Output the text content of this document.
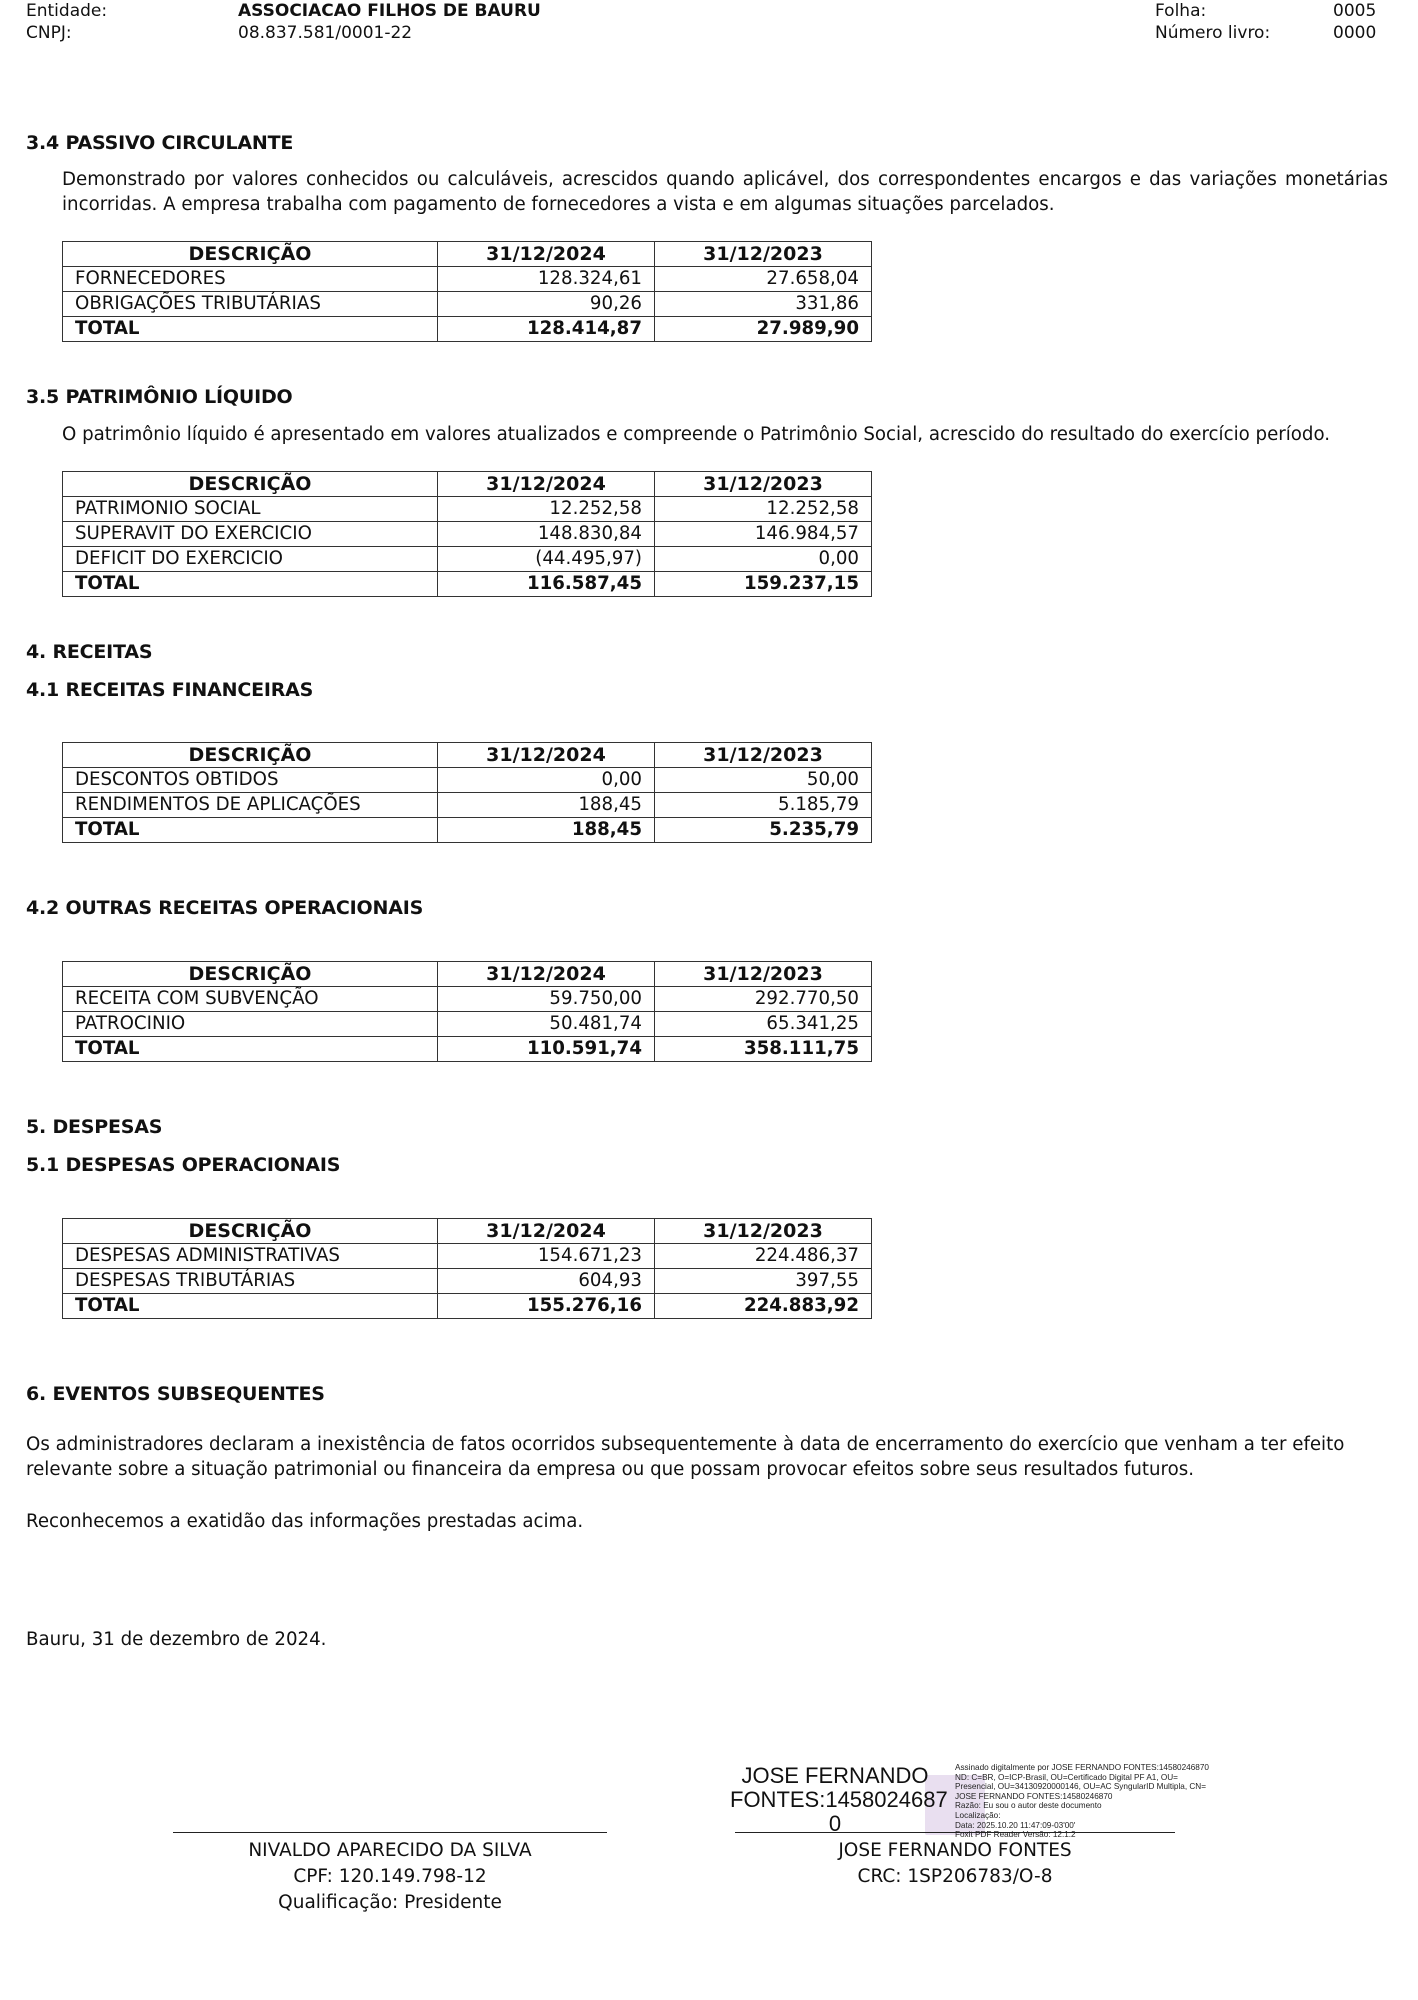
Entidade:	ASSOCIACAO FILHOS DE BAURU
CNPJ:	08.837.581/0001-22
Folha:	0005
Número livro:	0000
3.4 PASSIVO CIRCULANTE
Demonstrado por valores conhecidos ou calculáveis, acrescidos quando aplicável, dos correspondentes encargos e das variações monetárias incorridas. A empresa trabalha com pagamento de fornecedores a vista e em algumas situações parcelados.
DESCRIÇÃO	31/12/2024	31/12/2023
FORNECEDORES	128.324,61	27.658,04
OBRIGAÇÕES TRIBUTÁRIAS	90,26	331,86
TOTAL	128.414,87	27.989,90
3.5 PATRIMÔNIO LÍQUIDO
O patrimônio líquido é apresentado em valores atualizados e compreende o Patrimônio Social, acrescido do resultado do exercício período.
DESCRIÇÃO	31/12/2024	31/12/2023
PATRIMONIO SOCIAL	12.252,58	12.252,58
SUPERAVIT DO EXERCICIO	148.830,84	146.984,57
DEFICIT DO EXERCICIO	(44.495,97)	0,00
TOTAL	116.587,45	159.237,15
4. RECEITAS
4.1 RECEITAS FINANCEIRAS
DESCRIÇÃO	31/12/2024	31/12/2023
DESCONTOS OBTIDOS	0,00	50,00
RENDIMENTOS DE APLICAÇÕES	188,45	5.185,79
TOTAL	188,45	5.235,79
4.2 OUTRAS RECEITAS OPERACIONAIS
DESCRIÇÃO	31/12/2024	31/12/2023
RECEITA COM SUBVENÇÃO	59.750,00	292.770,50
PATROCINIO	50.481,74	65.341,25
TOTAL	110.591,74	358.111,75
5. DESPESAS
5.1 DESPESAS OPERACIONAIS
DESCRIÇÃO	31/12/2024	31/12/2023
DESPESAS ADMINISTRATIVAS	154.671,23	224.486,37
DESPESAS TRIBUTÁRIAS	604,93	397,55
TOTAL	155.276,16	224.883,92
6. EVENTOS SUBSEQUENTES
Os administradores declaram a inexistência de fatos ocorridos subsequentemente à data de encerramento do exercício que venham a ter efeito relevante sobre a situação patrimonial ou financeira da empresa ou que possam provocar efeitos sobre seus resultados futuros.
Reconhecemos a exatidão das informações prestadas acima.
Bauru, 31 de dezembro de 2024.
JOSE FERNANDO
FONTES:1458024687
0
Assinado digitalmente por JOSE FERNANDO FONTES:14580246870
ND: C=BR, O=ICP-Brasil, OU=Certificado Digital PF A1, OU=
Presencial, OU=34130920000146, OU=AC SyngularID Multipla, CN=
JOSE FERNANDO FONTES:14580246870
Razão: Eu sou o autor deste documento
Localização:
Data: 2025.10.20 11:47:09-03'00'
Foxit PDF Reader Versão: 12.1.2
NIVALDO APARECIDO DA SILVA
CPF: 120.149.798-12
Qualificação: Presidente
JOSE FERNANDO FONTES
CRC: 1SP206783/O-8
